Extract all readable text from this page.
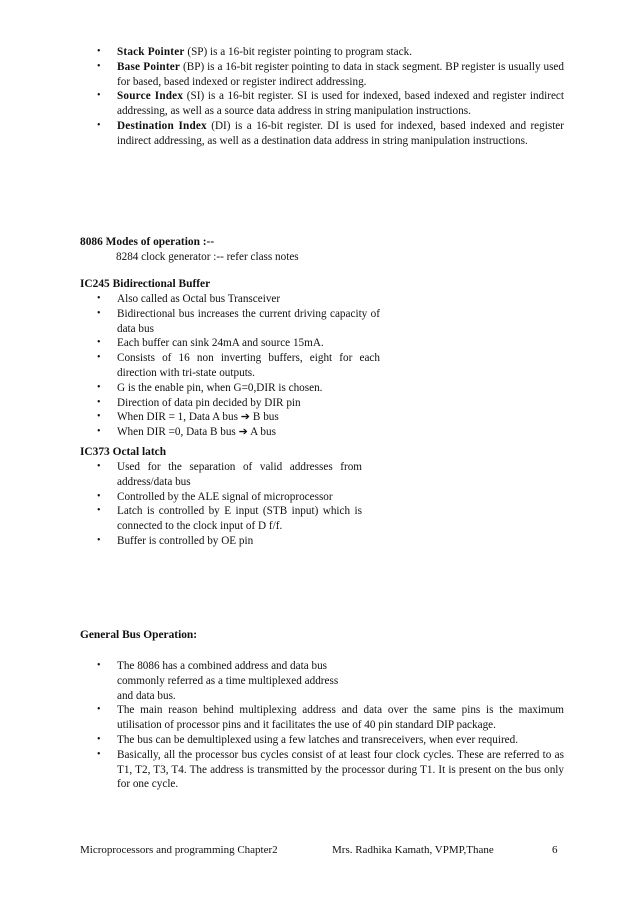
• Stack Pointer (SP) is a 16-bit register pointing to program stack.
• Base Pointer (BP) is a 16-bit register pointing to data in stack segment. BP register is usually used for based, based indexed or register indirect addressing.
• Source Index (SI) is a 16-bit register. SI is used for indexed, based indexed and register indirect addressing, as well as a source data address in string manipulation instructions.
• Destination Index (DI) is a 16-bit register. DI is used for indexed, based indexed and register indirect addressing, as well as a destination data address in string manipulation instructions.
8086 Modes of operation :--
8284 clock generator :-- refer class notes
IC245 Bidirectional Buffer
• Also called as Octal bus Transceiver
• Bidirectional bus increases the current driving capacity of data bus
• Each buffer can sink 24mA and source 15mA.
• Consists of 16 non inverting buffers, eight for each direction with tri-state outputs.
• G is the enable pin, when G=0,DIR is chosen.
• Direction of data pin decided by DIR pin
• When DIR = 1, Data A bus ➔ B bus
• When DIR =0, Data B bus ➔ A bus
IC373 Octal latch
• Used for the separation of valid addresses from address/data bus
• Controlled by the ALE signal of microprocessor
• Latch is controlled by E input (STB input) which is connected to the clock input of D f/f.
• Buffer is controlled by OE pin
General Bus Operation:
• The 8086 has a combined address and data bus
commonly referred as a time multiplexed address
and data bus.
• The main reason behind multiplexing address and data over the same pins is the maximum utilisation of processor pins and it facilitates the use of 40 pin standard DIP package.
• The bus can be demultiplexed using a few latches and transreceivers, when ever required.
• Basically, all the processor bus cycles consist of at least four clock cycles. These are referred to as T1, T2, T3, T4. The address is transmitted by the processor during T1. It is present on the bus only for one cycle.
Microprocessors and programming Chapter2	Mrs. Radhika Kamath, VPMP,Thane	6
